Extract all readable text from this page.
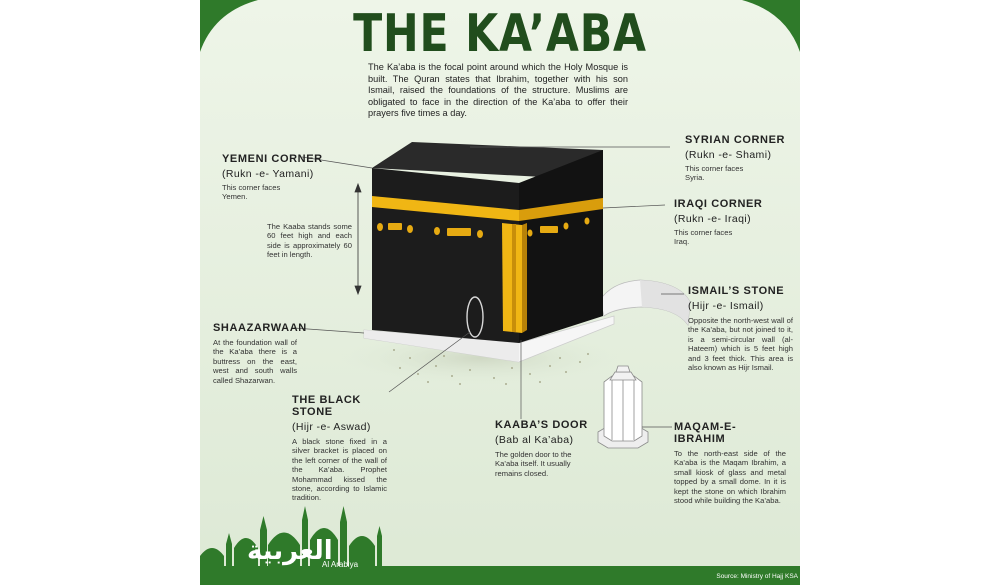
THE KA’ABA
The Ka’aba is the focal point around which the Holy Mosque is built. The Quran states that Ibrahim, together with his son Ismail, raised the foundations of the structure. Muslims are obligated to face in the direction of the Ka’aba to offer their prayers five times a day.
YEMENI CORNER
(Rukn -e- Yamani)
This corner faces
Yemen.
SYRIAN CORNER
(Rukn -e- Shami)
This corner faces
Syria.
IRAQI CORNER
(Rukn -e- Iraqi)
This corner faces
Iraq.
The Kaaba stands some 60 feet high and each side is approximately 60 feet in length.
ISMAIL’S STONE
(Hijr -e- Ismail)
Opposite the north-west wall of the Ka’aba, but not joined to it, is a semi-circular wall (al-Hateem) which is 5 feet high and 3 feet thick. This area is also known as Hijr Ismail.
SHAAZARWAAN
At the foundation wall of the Ka’aba there is a buttress on the east, west and south walls called Shazarwan.
THE BLACK STONE
(Hijr -e- Aswad)
A black stone fixed in a silver bracket is placed on the left corner of the wall of the Ka’aba. Prophet Mohammad kissed the stone, according to Islamic tradition.
KAABA’S DOOR
(Bab al Ka’aba)
The golden door to the Ka’aba itself. It usually remains closed.
MAQAM-E-IBRAHIM
To the north-east side of the Ka’aba is the Maqam Ibrahim, a small kiosk of glass and metal topped by a small dome. In it is kept the stone on which Ibrahim stood while building the Ka’aba.
العربية
Al Arabiya
Source: Ministry of Hajj KSA
